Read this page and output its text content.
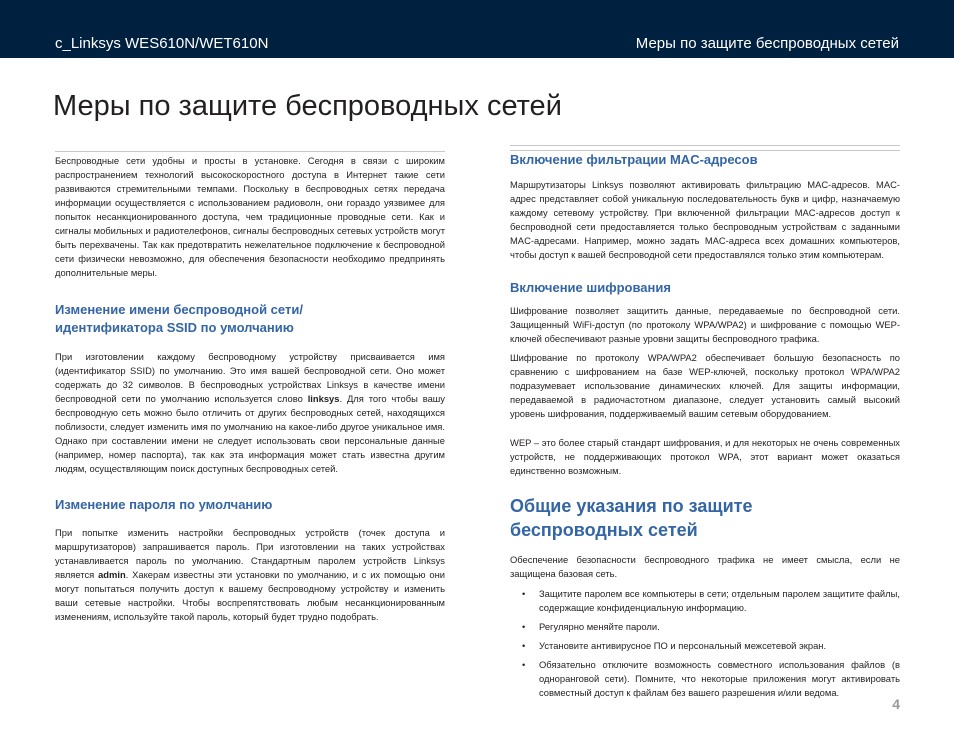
c_Linksys WES610N/WET610N	Меры по защите беспроводных сетей
Меры по защите беспроводных сетей

Беспроводные сети удобны и просты в установке. Сегодня в связи с широким распространением технологий высокоскоростного доступа в Интернет такие сети развиваются стремительными темпами. Поскольку в беспроводных сетях передача информации осуществляется с использованием радиоволн, они гораздо уязвимее для попыток несанкционированного доступа, чем традиционные проводные сети. Как и сигналы мобильных и радиотелефонов, сигналы беспроводных сетевых устройств могут быть перехвачены. Так как предотвратить нежелательное подключение к беспроводной сети физически невозможно, для обеспечения безопасности необходимо предпринять дополнительные меры.

Изменение имени беспроводной сети/ идентификатора SSID по умолчанию

При изготовлении каждому беспроводному устройству присваивается имя (идентификатор SSID) по умолчанию. Это имя вашей беспроводной сети. Оно может содержать до 32 символов. В беспроводных устройствах Linksys в качестве имени беспроводной сети по умолчанию используется слово linksys. Для того чтобы вашу беспроводную сеть можно было отличить от других беспроводных сетей, находящихся поблизости, следует изменить имя по умолчанию на какое-либо другое уникальное имя. Однако при составлении имени не следует использовать свои персональные данные (например, номер паспорта), так как эта информация может стать известна другим людям, осуществляющим поиск доступных беспроводных сетей.

Изменение пароля по умолчанию

При попытке изменить настройки беспроводных устройств (точек доступа и маршрутизаторов) запрашивается пароль. При изготовлении на таких устройствах устанавливается пароль по умолчанию. Стандартным паролем устройств Linksys является admin. Хакерам известны эти установки по умолчанию, и с их помощью они могут попытаться получить доступ к вашему беспроводному устройству и изменить ваши сетевые настройки. Чтобы воспрепятствовать любым несанкционированным изменениям, используйте такой пароль, который будет трудно подобрать.

Включение фильтрации MAC-адресов

Маршрутизаторы Linksys позволяют активировать фильтрацию MAC-адресов. MAC-адрес представляет собой уникальную последовательность букв и цифр, назначаемую каждому сетевому устройству. При включенной фильтрации MAC-адресов доступ к беспроводной сети предоставляется только беспроводным устройствам с заданными MAC-адресами. Например, можно задать MAC-адреса всех домашних компьютеров, чтобы доступ к вашей беспроводной сети предоставлялся только этим компьютерам.

Включение шифрования

Шифрование позволяет защитить данные, передаваемые по беспроводной сети. Защищенный WiFi-доступ (по протоколу WPA/WPA2) и шифрование с помощью WEP-ключей обеспечивают разные уровни защиты беспроводного трафика.

Шифрование по протоколу WPA/WPA2 обеспечивает большую безопасность по сравнению с шифрованием на базе WEP-ключей, поскольку протокол WPA/WPA2 подразумевает использование динамических ключей. Для защиты информации, передаваемой в радиочастотном диапазоне, следует установить самый высокий уровень шифрования, поддерживаемый вашим сетевым оборудованием.

WEP – это более старый стандарт шифрования, и для некоторых не очень современных устройств, не поддерживающих протокол WPA, этот вариант может оказаться единственно возможным.

Общие указания по защите беспроводных сетей

Обеспечение безопасности беспроводного трафика не имеет смысла, если не защищена базовая сеть.

• Защитите паролем все компьютеры в сети; отдельным паролем защитите файлы, содержащие конфиденциальную информацию.
• Регулярно меняйте пароли.
• Установите антивирусное ПО и персональный межсетевой экран.
• Обязательно отключите возможность совместного использования файлов (в одноранговой сети). Помните, что некоторые приложения могут активировать совместный доступ к файлам без вашего разрешения и/или ведома.
4
